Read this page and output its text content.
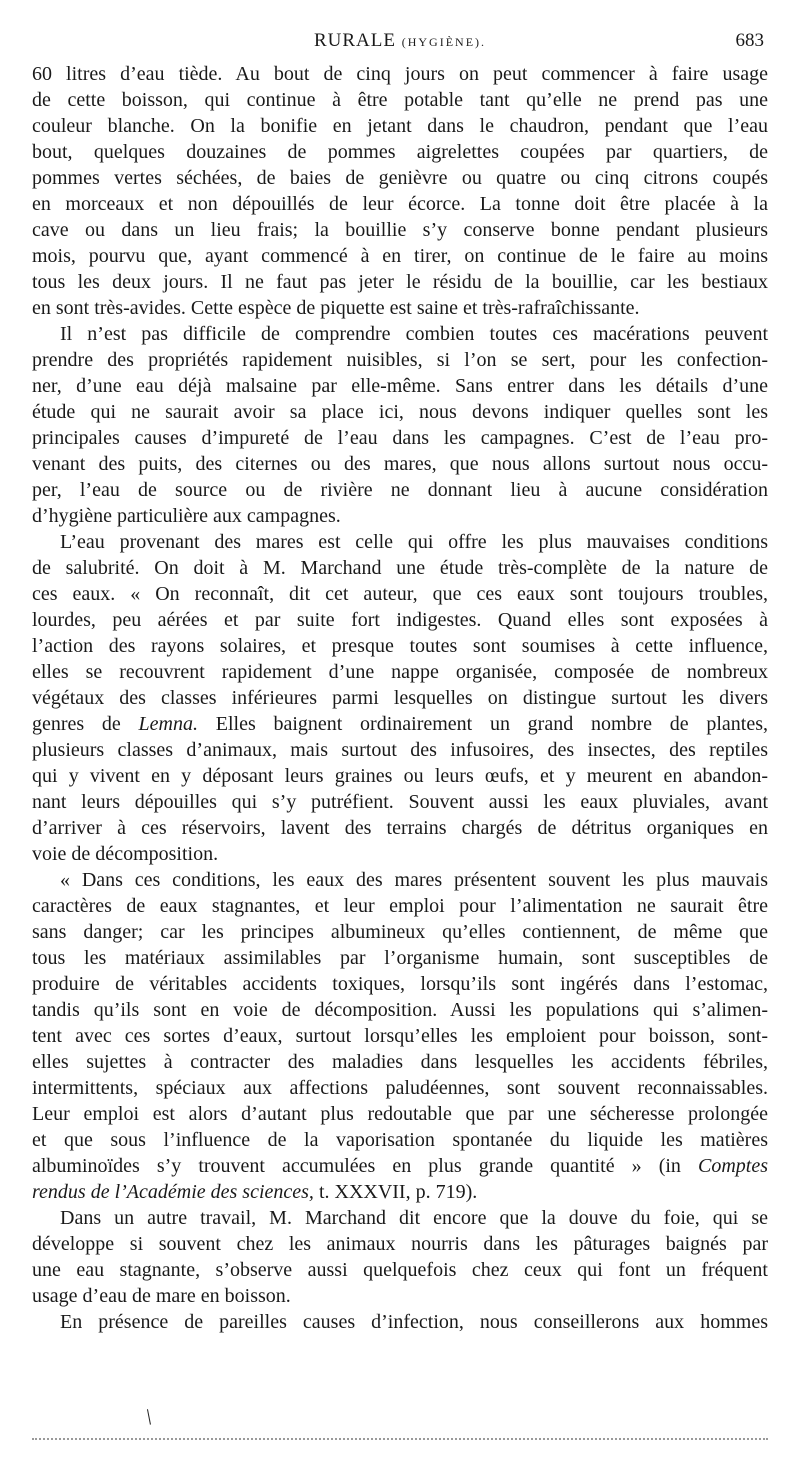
RURALE (HYGIÈNE).	683
60 litres d’eau tiède. Au bout de cinq jours on peut commencer à faire usage
de cette boisson, qui continue à être potable tant qu’elle ne prend pas une
couleur blanche. On la bonifie en jetant dans le chaudron, pendant que l’eau
bout, quelques douzaines de pommes aigrelettes coupées par quartiers, de
pommes vertes séchées, de baies de genièvre ou quatre ou cinq citrons coupés
en morceaux et non dépouillés de leur écorce. La tonne doit être placée à la
cave ou dans un lieu frais; la bouillie s’y conserve bonne pendant plusieurs
mois, pourvu que, ayant commencé à en tirer, on continue de le faire au moins
tous les deux jours. Il ne faut pas jeter le résidu de la bouillie, car les bestiaux
en sont très-avides. Cette espèce de piquette est saine et très-rafraîchissante.
Il n’est pas difficile de comprendre combien toutes ces macérations peuvent
prendre des propriétés rapidement nuisibles, si l’on se sert, pour les confection-
ner, d’une eau déjà malsaine par elle-même. Sans entrer dans les détails d’une
étude qui ne saurait avoir sa place ici, nous devons indiquer quelles sont les
principales causes d’impureté de l’eau dans les campagnes. C’est de l’eau pro-
venant des puits, des citernes ou des mares, que nous allons surtout nous occu-
per, l’eau de source ou de rivière ne donnant lieu à aucune considération
d’hygiène particulière aux campagnes.
L’eau provenant des mares est celle qui offre les plus mauvaises conditions
de salubrité. On doit à M. Marchand une étude très-complète de la nature de
ces eaux. « On reconnaît, dit cet auteur, que ces eaux sont toujours troubles,
lourdes, peu aérées et par suite fort indigestes. Quand elles sont exposées à
l’action des rayons solaires, et presque toutes sont soumises à cette influence,
elles se recouvrent rapidement d’une nappe organisée, composée de nombreux
végétaux des classes inférieures parmi lesquelles on distingue surtout les divers
genres de Lemna. Elles baignent ordinairement un grand nombre de plantes,
plusieurs classes d’animaux, mais surtout des infusoires, des insectes, des reptiles
qui y vivent en y déposant leurs graines ou leurs œufs, et y meurent en abandon-
nant leurs dépouilles qui s’y putréfient. Souvent aussi les eaux pluviales, avant
d’arriver à ces réservoirs, lavent des terrains chargés de détritus organiques en
voie de décomposition.
« Dans ces conditions, les eaux des mares présentent souvent les plus mauvais
caractères de eaux stagnantes, et leur emploi pour l’alimentation ne saurait être
sans danger; car les principes albumineux qu’elles contiennent, de même que
tous les matériaux assimilables par l’organisme humain, sont susceptibles de
produire de véritables accidents toxiques, lorsqu’ils sont ingérés dans l’estomac,
tandis qu’ils sont en voie de décomposition. Aussi les populations qui s’alimen-
tent avec ces sortes d’eaux, surtout lorsqu’elles les emploient pour boisson, sont-
elles sujettes à contracter des maladies dans lesquelles les accidents fébriles,
intermittents, spéciaux aux affections paludéennes, sont souvent reconnaissables.
Leur emploi est alors d’autant plus redoutable que par une sécheresse prolongée
et que sous l’influence de la vaporisation spontanée du liquide les matières
albuminoïdes s’y trouvent accumulées en plus grande quantité » (in Comptes
rendus de l’Académie des sciences, t. XXXVII, p. 719).
Dans un autre travail, M. Marchand dit encore que la douve du foie, qui se
développe si souvent chez les animaux nourris dans les pâturages baignés par
une eau stagnante, s’observe aussi quelquefois chez ceux qui font un fréquent
usage d’eau de mare en boisson.
En présence de pareilles causes d’infection, nous conseillerons aux hommes
/
